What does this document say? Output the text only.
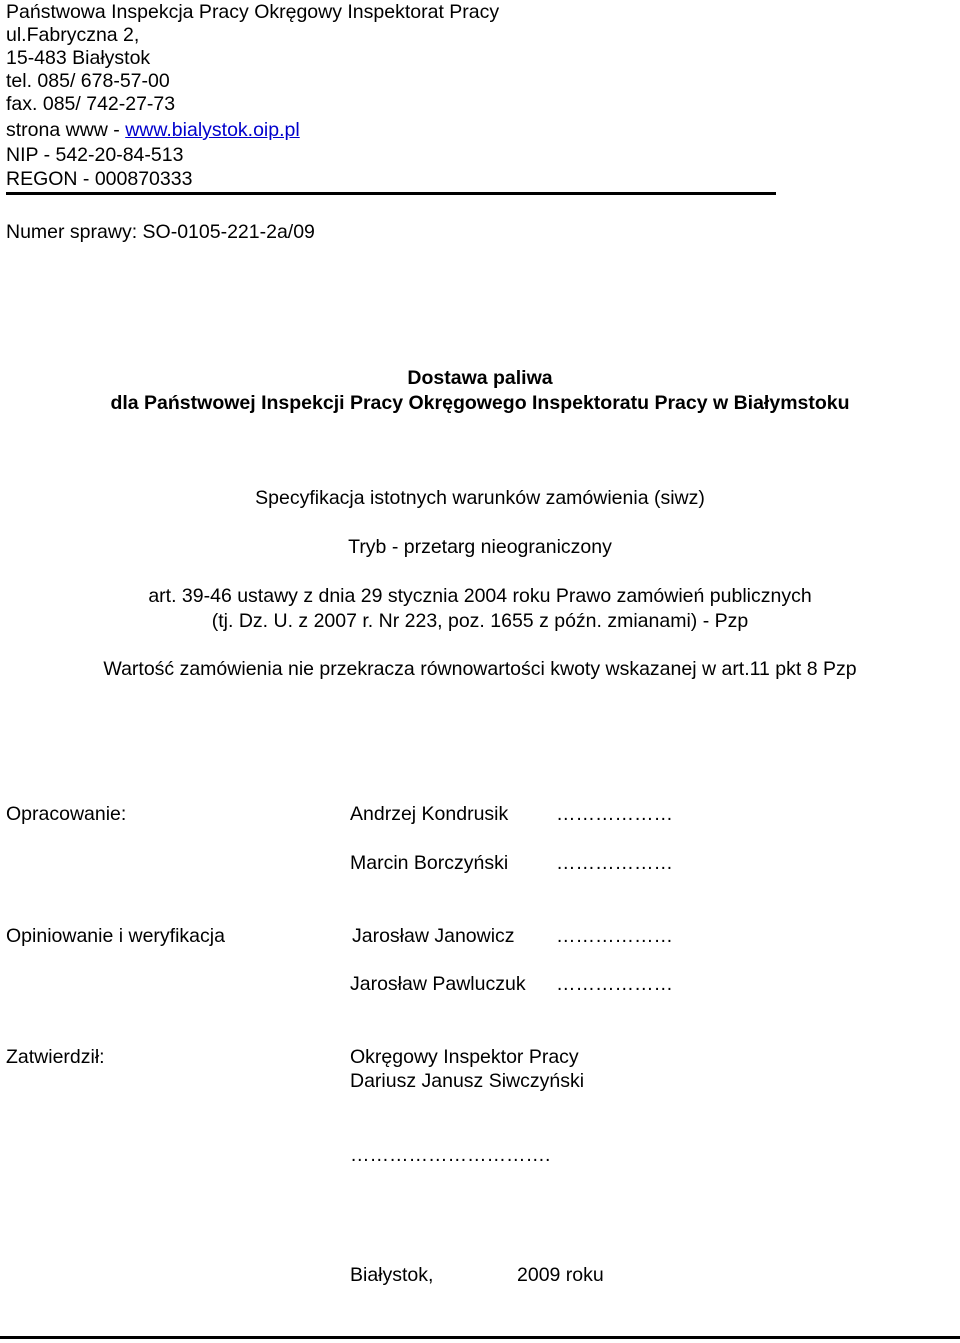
Państwowa Inspekcja Pracy Okręgowy Inspektorat Pracy
ul.Fabryczna 2,
15-483 Białystok
tel. 085/ 678-57-00
fax. 085/ 742-27-73
strona www - www.bialystok.oip.pl
NIP - 542-20-84-513
REGON - 000870333
Numer sprawy: SO-0105-221-2a/09
Dostawa paliwa
dla Państwowej Inspekcji Pracy Okręgowego Inspektoratu Pracy w Białymstoku
Specyfikacja istotnych warunków zamówienia (siwz)
Tryb - przetarg nieograniczony
art. 39-46 ustawy z dnia 29 stycznia 2004 roku Prawo zamówień publicznych
(tj. Dz. U. z 2007 r. Nr 223, poz. 1655 z późn. zmianami) - Pzp
Wartość zamówienia nie przekracza równowartości kwoty wskazanej w art.11 pkt 8 Pzp
Opracowanie:	Andrzej Kondrusik ………………
Marcin Borczyński ………………
Opiniowanie i weryfikacja	Jarosław Janowicz ………………
Jarosław Pawluczuk ………………
Zatwierdził:	Okręgowy Inspektor Pracy
Dariusz Janusz Siwczyński
………………………….
Białystok,	2009 roku
